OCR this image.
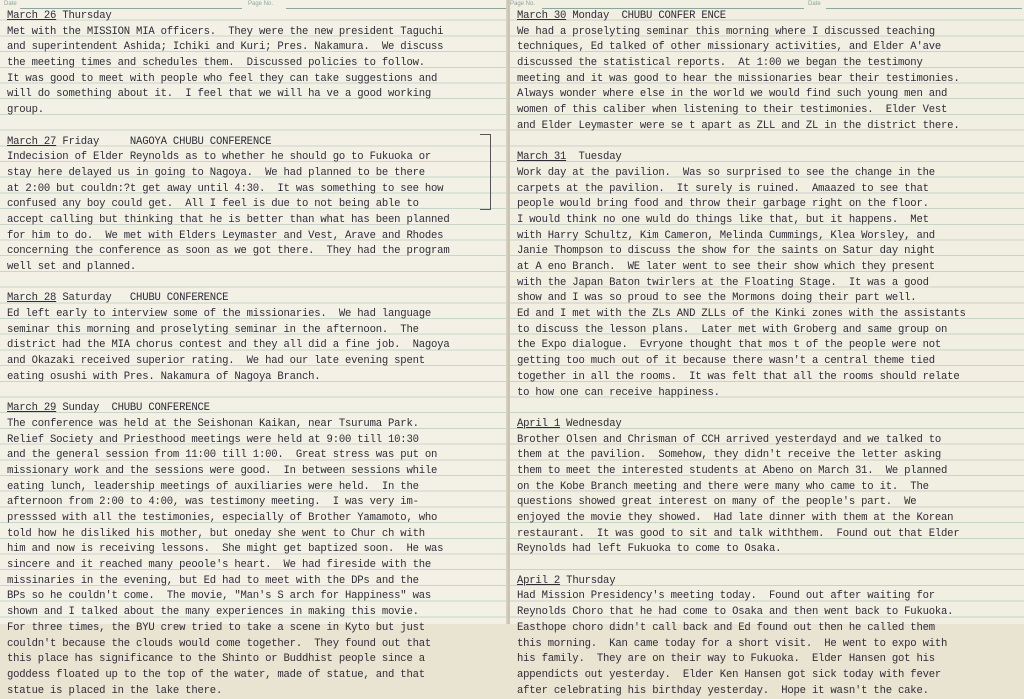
Date	Page No.
March 26 Thursday
Met with the MISSION MIA officers.  They were the new president Taguchi
and superintendent Ashida; Ichiki and Kuri; Pres. Nakamura.  We discuss
the meeting times and schedules them.  Discussed policies to follow.
It was good to meet with people who feel they can take suggestions and
will do something about it.  I feel that we will ha ve a good working
group.
March 27 Friday     NAGOYA CHUBU CONFERENCE
Indecision of Elder Reynolds as to whether he should go to Fukuoka or
stay here delayed us in going to Nagoya.  We had planned to be there
at 2:00 but couldn:?t get away until 4:30.  It was something to see how
confused any boy could get.  All I feel is due to not being able to
accept calling but thinking that he is better than what has been planned
for him to do.  We met with Elders Leymaster and Vest, Arave and Rhodes
concerning the conference as soon as we got there.  They had the program
well set and planned.
March 28 Saturday   CHUBU CONFERENCE
Ed left early to interview some of the missionaries.  We had language
seminar this morning and proselyting seminar in the afternoon.  The
district had the MIA chorus contest and they all did a fine job.  Nagoya
and Okazaki received superior rating.  We had our late evening spent
eating osushi with Pres. Nakamura of Nagoya Branch.
March 29 Sunday  CHUBU CONFERENCE
The conference was held at the Seishonan Kaikan, near Tsuruma Park.
Relief Society and Priesthood meetings were held at 9:00 till 10:30
and the general session from 11:00 till 1:00.  Great stress was put on
missionary work and the sessions were good.  In between sessions while
eating lunch, leadership meetings of auxiliaries were held.  In the
afternoon from 2:00 to 4:00, was testimony meeting.  I was very im-
presssed with all the testimonies, especially of Brother Yamamoto, who
told how he disliked his mother, but oneday she went to Chur ch with
him and now is receiving lessons.  She might get baptized soon.  He was
sincere and it reached many peoole's heart.  We had fireside with the
missinaries in the evening, but Ed had to meet with the DPs and the
BPs so he couldn't come.  The movie, "Man's S arch for Happiness" was
shown and I talked about the many experiences in making this movie.
For three times, the BYU crew tried to take a scene in Kyto but just
couldn't because the clouds would come together.  They found out that
this place has significance to the Shinto or Buddhist people since a
goddess floated up to the top of the water, made of statue, and that
statue is placed in the lake there.
Page No.	Date
March 30 Monday  CHUBU CONFER ENCE
We had a proselyting seminar this morning where I discussed teaching
techniques, Ed talked of other missionary activities, and Elder A'ave
discussed the statistical reports.  At 1:00 we began the testimony
meeting and it was good to hear the missionaries bear their testimonies.
Always wonder where else in the world we would find such young men and
women of this caliber when listening to their testimonies.  Elder Vest
and Elder Leymaster were se t apart as ZLL and ZL in the district there.
March 31  Tuesday
Work day at the pavilion.  Was so surprised to see the change in the
carpets at the pavilion.  It surely is ruined.  Amaazed to see that
people would bring food and throw their garbage right on the floor.
I would think no one wuld do things like that, but it happens.  Met
with Harry Schultz, Kim Cameron, Melinda Cummings, Klea Worsley, and
Janie Thompson to discuss the show for the saints on Satur day night
at A eno Branch.  WE later went to see their show which they present
with the Japan Baton twirlers at the Floating Stage.  It was a good
show and I was so proud to see the Mormons doing their part well.
Ed and I met with the ZLs AND ZLLs of the Kinki zones with the assistants
to discuss the lesson plans.  Later met with Groberg and same group on
the Expo dialogue.  Evryone thought that mos t of the people were not
getting too much out of it because there wasn't a central theme tied
together in all the rooms.  It was felt that all the rooms should relate
to how one can receive happiness.
April 1 Wednesday
Brother Olsen and Chrisman of CCH arrived yesterdayd and we talked to
them at the pavilion.  Somehow, they didn't receive the letter asking
them to meet the interested students at Abeno on March 31.  We planned
on the Kobe Branch meeting and there were many who came to it.  The
questions showed great interest on many of the people's part.  We
enjoyed the movie they showed.  Had late dinner with them at the Korean
restaurant.  It was good to sit and talk withthem.  Found out that Elder
Reynolds had left Fukuoka to come to Osaka.
April 2 Thursday
Had Mission Presidency's meeting today.  Found out after waiting for
Reynolds Choro that he had come to Osaka and then went back to Fukuoka.
Easthope choro didn't call back and Ed found out then he called them
this morning.  Kan came today for a short visit.  He went to expo with
his family.  They are on their way to Fukuoka.  Elder Hansen got his
appendicts out yesterday.  Elder Ken Hansen got sick today with fever
after celebrating his birthday yesterday.  Hope it wasn't the cake.
